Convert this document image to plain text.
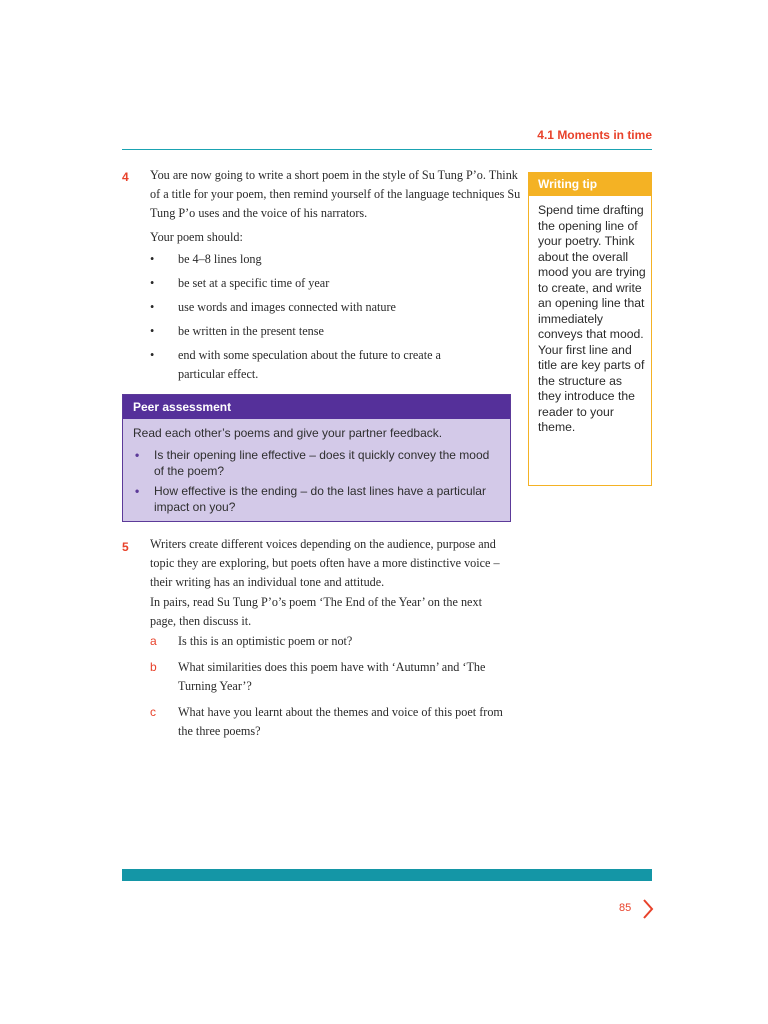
4.1 Moments in time
4 You are now going to write a short poem in the style of Su Tung P’o. Think of a title for your poem, then remind yourself of the language techniques Su Tung P’o uses and the voice of his narrators.

Your poem should:

• be 4–8 lines long
• be set at a specific time of year
• use words and images connected with nature
• be written in the present tense
• end with some speculation about the future to create a particular effect.
Peer assessment
Read each other’s poems and give your partner feedback.
• Is their opening line effective – does it quickly convey the mood of the poem?
• How effective is the ending – do the last lines have a particular impact on you?
Writing tip
Spend time drafting the opening line of your poetry. Think about the overall mood you are trying to create, and write an opening line that immediately conveys that mood. Your first line and title are key parts of the structure as they introduce the reader to your theme.
5 Writers create different voices depending on the audience, purpose and topic they are exploring, but poets often have a more distinctive voice – their writing has an individual tone and attitude.

In pairs, read Su Tung P’o’s poem ‘The End of the Year’ on the next page, then discuss it.

a Is this is an optimistic poem or not?
b What similarities does this poem have with ‘Autumn’ and ‘The Turning Year’?
c What have you learnt about the themes and voice of this poet from the three poems?
85
